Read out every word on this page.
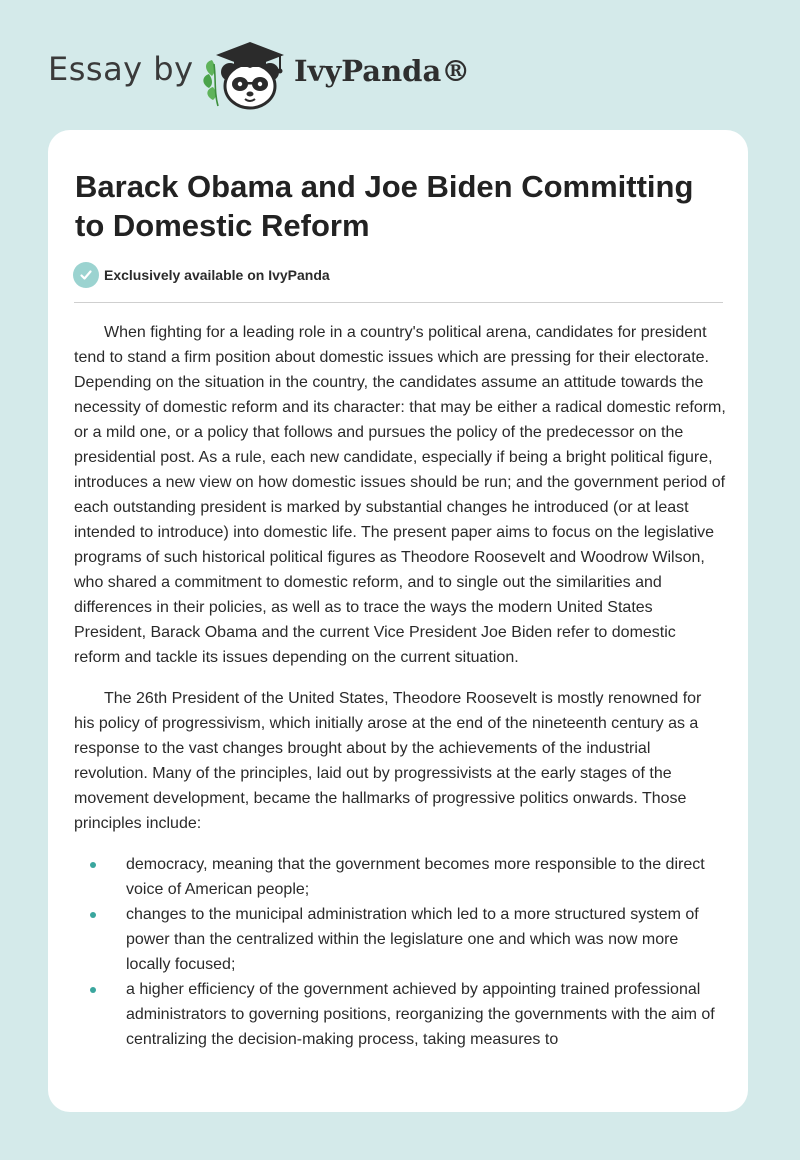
Essay by	IvyPanda®
Barack Obama and Joe Biden Committing to Domestic Reform
Exclusively available on IvyPanda

When fighting for a leading role in a country's political arena, candidates for president tend to stand a firm position about domestic issues which are pressing for their electorate. Depending on the situation in the country, the candidates assume an attitude towards the necessity of domestic reform and its character: that may be either a radical domestic reform, or a mild one, or a policy that follows and pursues the policy of the predecessor on the presidential post. As a rule, each new candidate, especially if being a bright political figure, introduces a new view on how domestic issues should be run; and the government period of each outstanding president is marked by substantial changes he introduced (or at least intended to introduce) into domestic life. The present paper aims to focus on the legislative programs of such historical political figures as Theodore Roosevelt and Woodrow Wilson, who shared a commitment to domestic reform, and to single out the similarities and differences in their policies, as well as to trace the ways the modern United States President, Barack Obama and the current Vice President Joe Biden refer to domestic reform and tackle its issues depending on the current situation.

The 26th President of the United States, Theodore Roosevelt is mostly renowned for his policy of progressivism, which initially arose at the end of the nineteenth century as a response to the vast changes brought about by the achievements of the industrial revolution. Many of the principles, laid out by progressivists at the early stages of the movement development, became the hallmarks of progressive politics onwards. Those principles include:

democracy, meaning that the government becomes more responsible to the direct voice of American people;
changes to the municipal administration which led to a more structured system of power than the centralized within the legislature one and which was now more locally focused;
a higher efficiency of the government achieved by appointing trained professional administrators to governing positions, reorganizing the governments with the aim of centralizing the decision-making process, taking measures to
